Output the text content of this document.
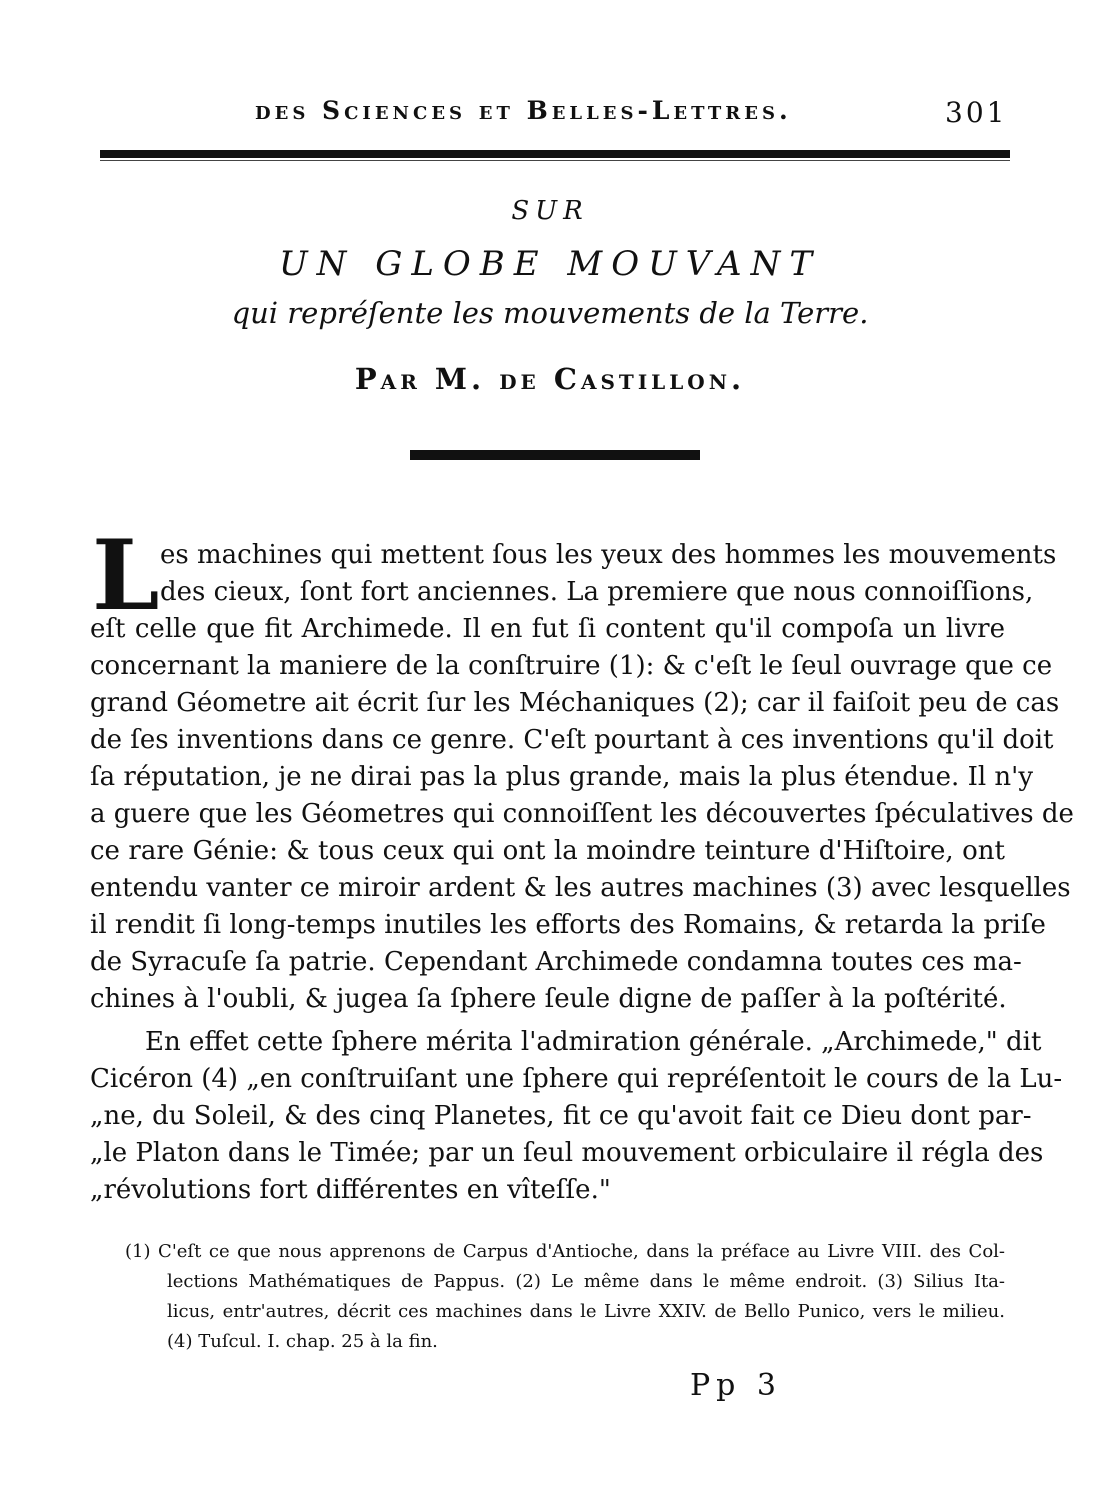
des Sciences et Belles-Lettres.	301
SUR
UN GLOBE MOUVANT
qui repréſente les mouvements de la Terre.
Par M. de Castillon.
L es machines qui mettent ſous les yeux des hommes les mouvements
des cieux, ſont fort anciennes. La premiere que nous connoiſſions,
eſt celle que fit Archimede. Il en fut ſi content qu'il compoſa un livre
concernant la maniere de la conſtruire (1): & c'eſt le ſeul ouvrage que ce
grand Géometre ait écrit ſur les Méchaniques (2); car il faiſoit peu de cas
de ſes inventions dans ce genre. C'eſt pourtant à ces inventions qu'il doit
ſa réputation, je ne dirai pas la plus grande, mais la plus étendue. Il n'y
a guere que les Géometres qui connoiſſent les découvertes ſpéculatives de
ce rare Génie: & tous ceux qui ont la moindre teinture d'Hiſtoire, ont
entendu vanter ce miroir ardent & les autres machines (3) avec lesquelles
il rendit ſi long-temps inutiles les efforts des Romains, & retarda la priſe
de Syracuſe ſa patrie. Cependant Archimede condamna toutes ces ma-
chines à l'oubli, & jugea ſa ſphere ſeule digne de paſſer à la poſtérité.
En effet cette ſphere mérita l'admiration générale. „Archimede," dit
Cicéron (4) „en conſtruiſant une ſphere qui repréſentoit le cours de la Lu-
„ne, du Soleil, & des cinq Planetes, fit ce qu'avoit fait ce Dieu dont par-
„le Platon dans le Timée; par un ſeul mouvement orbiculaire il régla des
„révolutions fort différentes en vîteſſe."
(1) C'eſt ce que nous apprenons de Carpus d'Antioche, dans la préface au Livre VIII. des Col-
lections Mathématiques de Pappus. (2) Le même dans le même endroit. (3) Silius Ita-
licus, entr'autres, décrit ces machines dans le Livre XXIV. de Bello Punico, vers le milieu.
(4) Tuſcul. I. chap. 25 à la fin.
Pp 3
